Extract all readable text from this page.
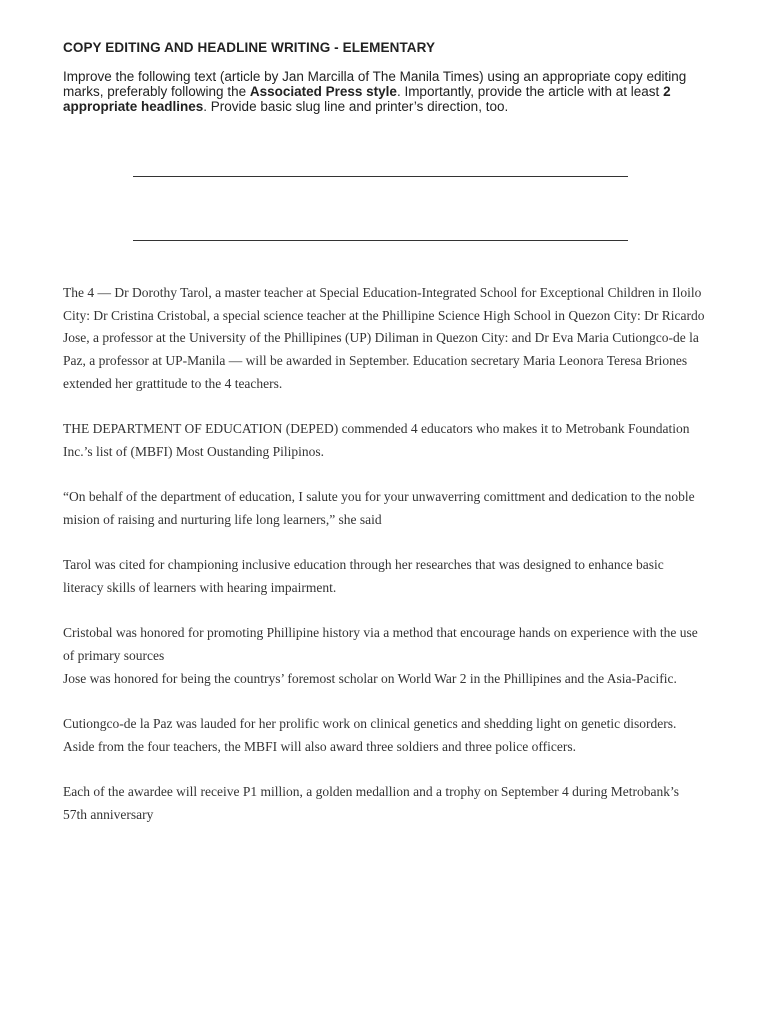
COPY EDITING AND HEADLINE WRITING - ELEMENTARY
Improve the following text (article by Jan Marcilla of The Manila Times) using an appropriate copy editing marks, preferably following the Associated Press style. Importantly, provide the article with at least 2 appropriate headlines. Provide basic slug line and printer’s direction, too.

The 4 — Dr Dorothy Tarol, a master teacher at Special Education-Integrated School for Exceptional Children in Iloilo City: Dr Cristina Cristobal, a special science teacher at the Phillipine Science High School in Quezon City: Dr Ricardo Jose, a professor at the University of the Phillipines (UP) Diliman in Quezon City: and Dr Eva Maria Cutiongco-de la Paz, a professor at UP-Manila — will be awarded in September. Education secretary Maria Leonora Teresa Briones extended her grattitude to the 4 teachers.

THE DEPARTMENT OF EDUCATION (DEPED) commended 4 educators who makes it to Metrobank Foundation Inc.’s list of (MBFI) Most Oustanding Pilipinos.

“On behalf of the department of education, I salute you for your unwaverring comittment and dedication to the noble mision of raising and nurturing life long learners,” she said

Tarol was cited for championing inclusive education through her researches that was designed to enhance basic literacy skills of learners with hearing impairment.

Cristobal was honored for promoting Phillipine history via a method that encourage hands on experience with the use of primary sources

Jose was honored for being the countrys’ foremost scholar on World War 2 in the Phillipines and the Asia-Pacific.

Cutiongco-de la Paz was lauded for her prolific work on clinical genetics and shedding light on genetic disorders.

Aside from the four teachers, the MBFI will also award three soldiers and three police officers.

Each of the awardee will receive P1 million, a golden medallion and a trophy on September 4 during Metrobank’s 57th anniversary
